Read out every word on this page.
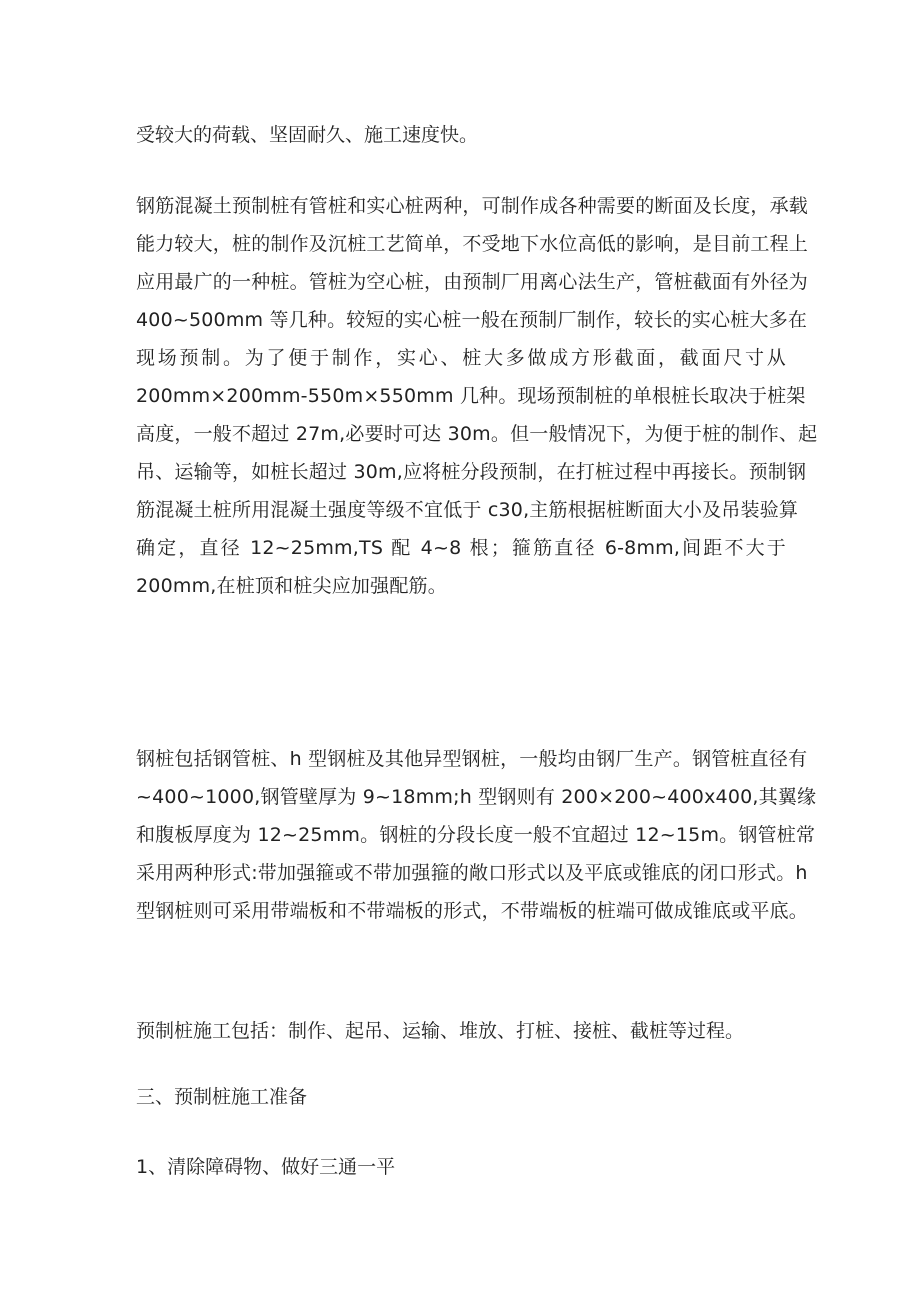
受较大的荷载、坚固耐久、施工速度快。

钢筋混凝土预制桩有管桩和实心桩两种，可制作成各种需要的断面及长度，承载
能力较大，桩的制作及沉桩工艺简单，不受地下水位高低的影响，是目前工程上
应用最广的一种桩。管桩为空心桩，由预制厂用离心法生产，管桩截面有外径为
400~500mm 等几种。较短的实心桩一般在预制厂制作，较长的实心桩大多在
现场预制。为了便于制作，实心、桩大多做成方形截面，截面尺寸从
200mm×200mm-550m×550mm 几种。现场预制桩的单根桩长取决于桩架
高度，一般不超过 27m,必要时可达 30m。但一般情况下，为便于桩的制作、起
吊、运输等，如桩长超过 30m,应将桩分段预制，在打桩过程中再接长。预制钢
筋混凝土桩所用混凝土强度等级不宜低于 c30,主筋根据桩断面大小及吊装验算
确定，直径 12~25mm,TS 配 4~8 根；箍筋直径 6-8mm,间距不大于
200mm,在桩顶和桩尖应加强配筋。
钢桩包括钢管桩、h 型钢桩及其他异型钢桩，一般均由钢厂生产。钢管桩直径有
~400~1000,钢管壁厚为 9~18mm;h 型钢则有 200×200~400x400,其翼缘
和腹板厚度为 12~25mm。钢桩的分段长度一般不宜超过 12~15m。钢管桩常
采用两种形式:带加强箍或不带加强箍的敞口形式以及平底或锥底的闭口形式。h
型钢桩则可采用带端板和不带端板的形式，不带端板的桩端可做成锥底或平底。

预制桩施工包括：制作、起吊、运输、堆放、打桩、接桩、截桩等过程。

三、预制桩施工准备

1、清除障碍物、做好三通一平
